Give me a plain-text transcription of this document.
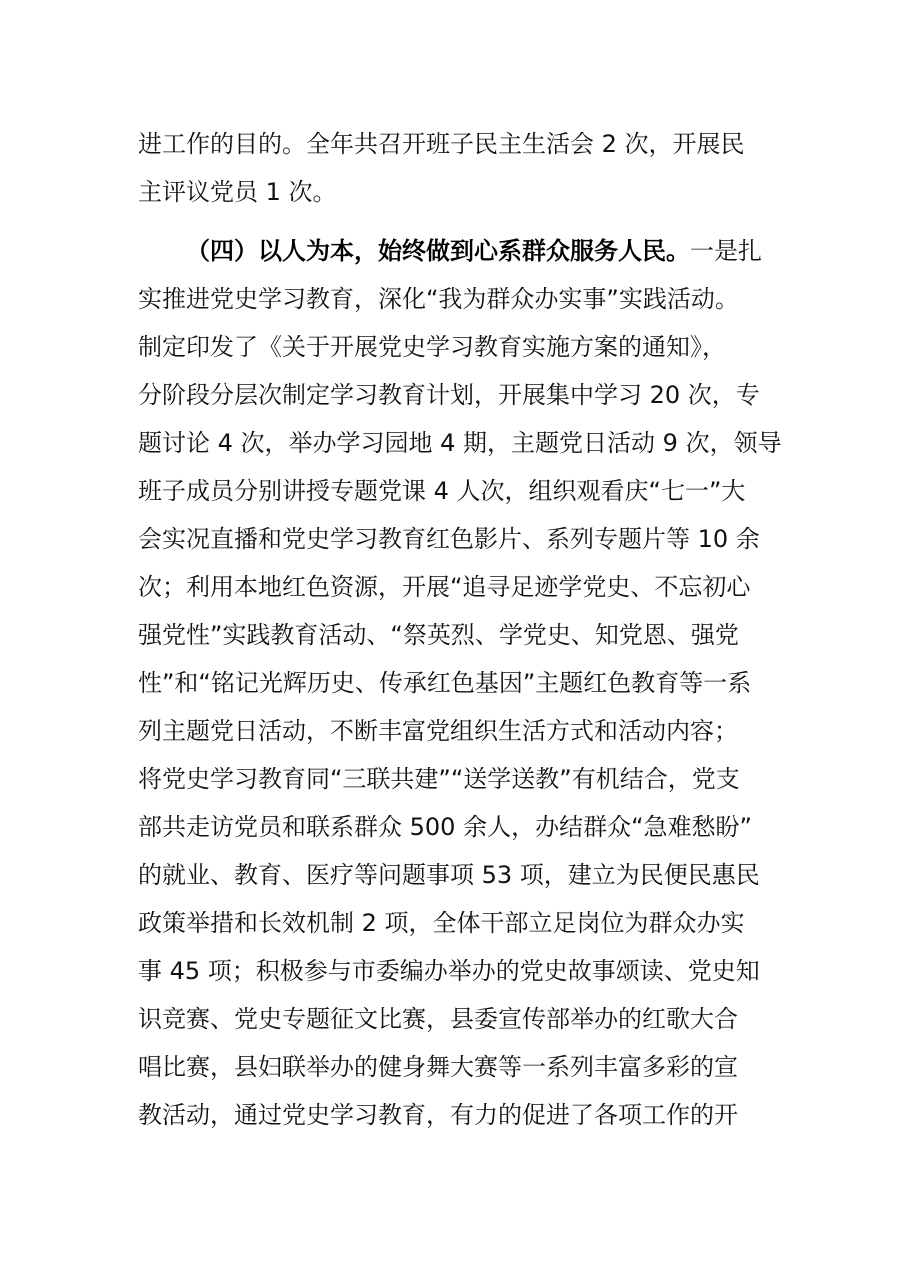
进工作的目的。全年共召开班子民主生活会 2 次，开展民
主评议党员 1 次。
（四）以人为本，始终做到心系群众服务人民。一是扎
实推进党史学习教育，深化“我为群众办实事”实践活动。
制定印发了《关于开展党史学习教育实施方案的通知》，
分阶段分层次制定学习教育计划，开展集中学习 20 次，专
题讨论 4 次，举办学习园地 4 期，主题党日活动 9 次，领导
班子成员分别讲授专题党课 4 人次，组织观看庆“七一”大
会实况直播和党史学习教育红色影片、系列专题片等 10 余
次；利用本地红色资源，开展“追寻足迹学党史、不忘初心
强党性”实践教育活动、“祭英烈、学党史、知党恩、强党
性”和“铭记光辉历史、传承红色基因”主题红色教育等一系
列主题党日活动，不断丰富党组织生活方式和活动内容；
将党史学习教育同“三联共建”“送学送教”有机结合，党支
部共走访党员和联系群众 500 余人，办结群众“急难愁盼”
的就业、教育、医疗等问题事项 53 项，建立为民便民惠民
政策举措和长效机制 2 项，全体干部立足岗位为群众办实
事 45 项；积极参与市委编办举办的党史故事颂读、党史知
识竞赛、党史专题征文比赛，县委宣传部举办的红歌大合
唱比赛，县妇联举办的健身舞大赛等一系列丰富多彩的宣
教活动，通过党史学习教育，有力的促进了各项工作的开
